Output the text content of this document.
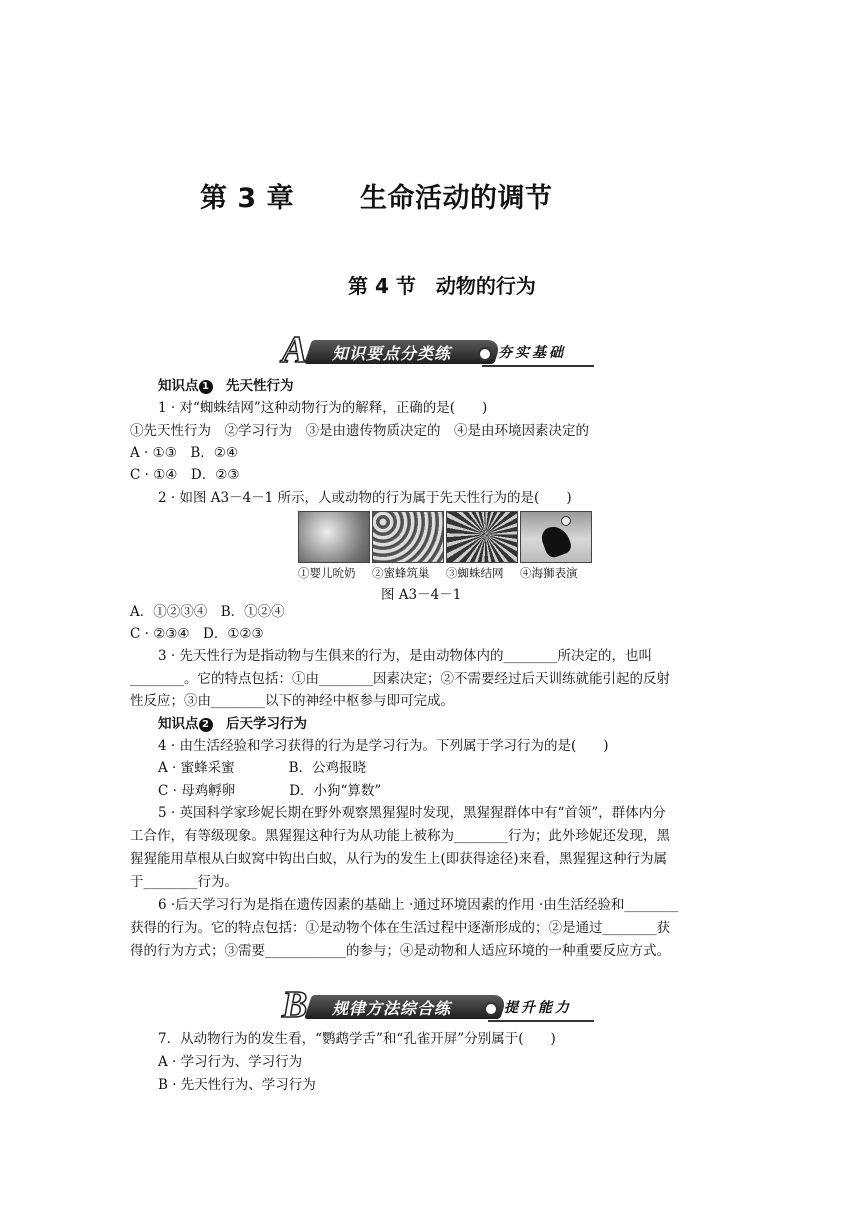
第 3 章 生命活动的调节
第 4 节 动物的行为
A 知识要点分类练	夯实基础
知识点 1　 先天性行为
1 · 对“蜘蛛结网”这种动物行为的解释，正确的是(　　)
①先天性行为　②学习行为　③是由遗传物质决定的　④是由环境因素决定的
A · ①③　B．②④
C · ①④　D．②③
2 · 如图 A3－4－1 所示，人或动物的行为属于先天性行为的是(　　)
①婴儿吮奶 ②蜜蜂筑巢 ③蜘蛛结网 ④海狮表演
图 A3－4－1
A．①②③④　B．①②④
C · ②③④　D．①②③
3 · 先天性行为是指动物与生俱来的行为，是由动物体内的________所决定的，也叫
________。它的特点包括：①由________因素决定；②不需要经过后天训练就能引起的反射
性反应；③由________以下的神经中枢参与即可完成。
知识点 2　 后天学习行为
4 · 由生活经验和学习获得的行为是学习行为。下列属于学习行为的是(　　)
A · 蜜蜂采蜜　　　　B．公鸡报晓
C · 母鸡孵卵　　　　D．小狗“算数”
5 · 英国科学家珍妮长期在野外观察黑猩猩时发现，黑猩猩群体中有“首领”，群体内分
工合作，有等级现象。黑猩猩这种行为从功能上被称为________行为；此外珍妮还发现，黑
猩猩能用草根从白蚁窝中钩出白蚁，从行为的发生上(即获得途径)来看，黑猩猩这种行为属
于________行为。
6 ·后天学习行为是指在遗传因素的基础上 ·通过环境因素的作用 ·由生活经验和________
获得的行为。它的特点包括：①是动物个体在生活过程中逐渐形成的；②是通过________获
得的行为方式；③需要____________的参与；④是动物和人适应环境的一种重要反应方式。
B 规律方法综合练	提升能力
7．从动物行为的发生看，“鹦鹉学舌”和“孔雀开屏”分别属于(　　)
A · 学习行为、学习行为
B · 先天性行为、学习行为
